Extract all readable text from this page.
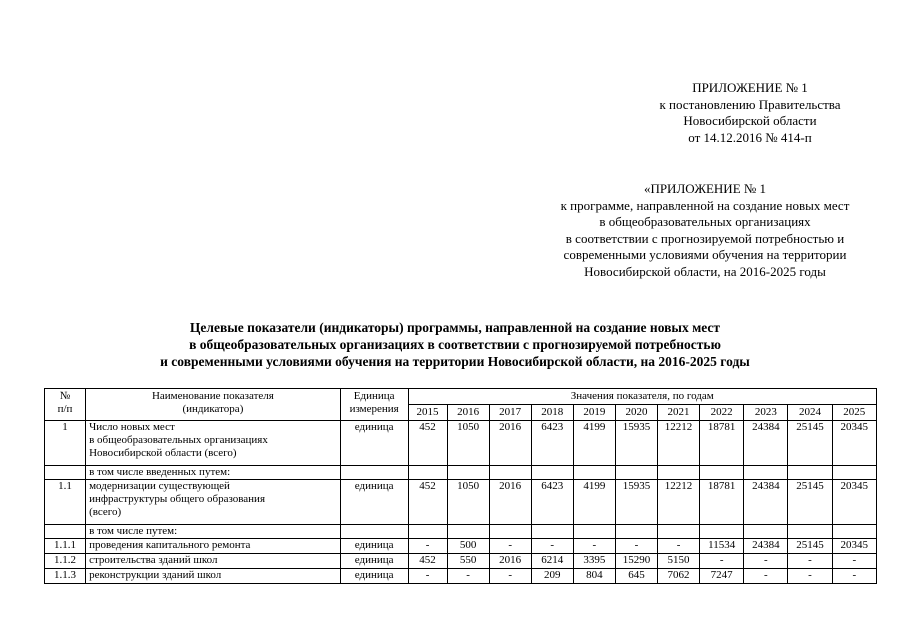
ПРИЛОЖЕНИЕ № 1
к постановлению Правительства
Новосибирской области
от 14.12.2016 № 414-п
«ПРИЛОЖЕНИЕ № 1
к программе, направленной на создание новых мест
в общеобразовательных организациях
в соответствии с прогнозируемой потребностью и
современными условиями обучения на территории
Новосибирской области, на 2016-2025 годы
Целевые показатели (индикаторы) программы, направленной на создание новых мест
в общеобразовательных организациях в соответствии с прогнозируемой потребностью
и современными условиями обучения на территории Новосибирской области, на 2016-2025 годы
№
п/п	Наименование показателя
(индикатора)	Единица
измерения	Значения показателя, по годам										
			2015	2016	2017	2018	2019	2020	2021	2022	2023	2024	2025
1	Число новых мест
в общеобразовательных организациях
Новосибирской области (всего)	единица	452	1050	2016	6423	4199	15935	12212	18781	24384	25145	20345

	в том числе введенных путем:												

1.1	модернизации существующей
инфраструктуры общего образования
(всего)	единица	452	1050	2016	6423	4199	15935	12212	18781	24384	25145	20345

	в том числе путем:												

1.1.1	проведения капитального ремонта	единица	-	500	-	-	-	-	-	11534	24384	25145	20345
1.1.2	строительства зданий школ	единица	452	550	2016	6214	3395	15290	5150	-	-	-	-
1.1.3	реконструкции зданий школ	единица	-	-	-	209	804	645	7062	7247	-	-	-
